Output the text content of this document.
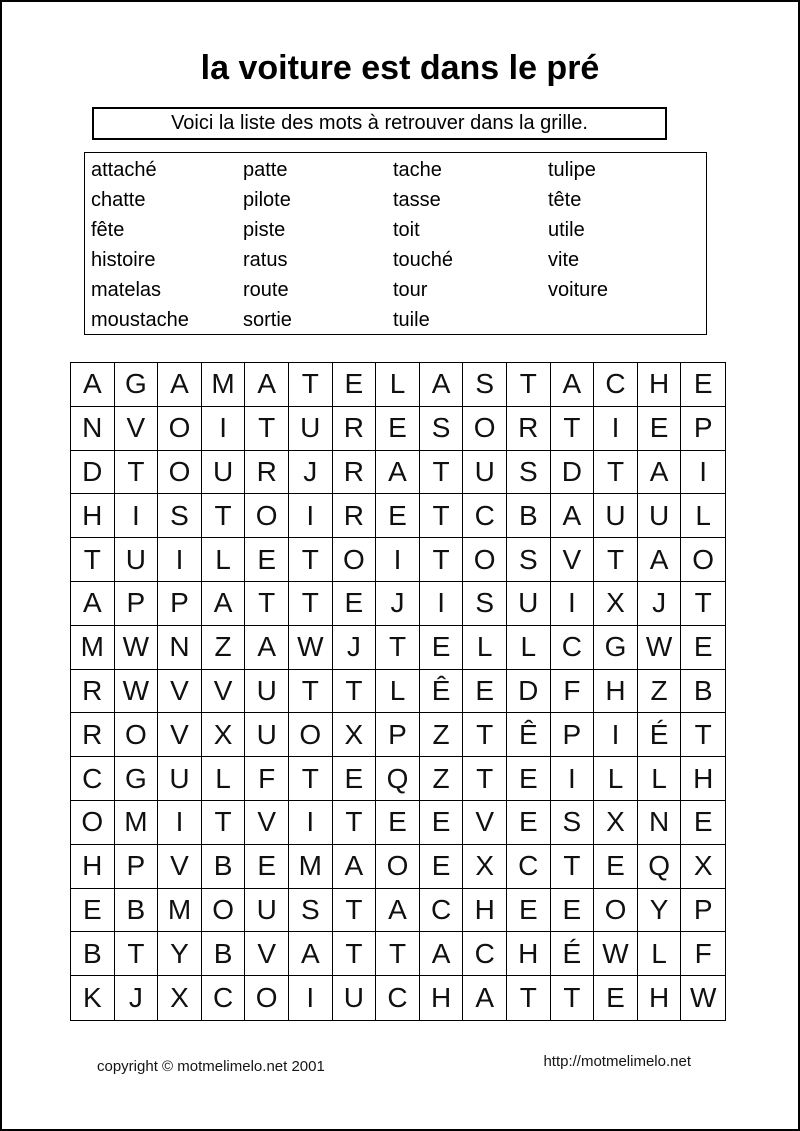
la voiture est dans le pré
Voici la liste des mots à retrouver dans la grille.
attaché	patte	tache	tulipe
chatte	pilote	tasse	tête
fête	piste	toit	utile
histoire	ratus	touché	vite
matelas	route	tour	voiture
moustache	sortie	tuile
A G A M A T E L A S T A C H E
N V O	I	T U R E S O R T	I	E P
D T O U R J R A T U S D T A	I
H	I	S T O	I	R E T C B A U U L
T U	I	L E T O	I	T O S V T A O
A P P A T T E J	I	S U	I	X J	T
M W N Z A W J	T E L	L C G W E
R W V V U T T L Ê E D F H Z B
R O V X U O X P Z T Ê P	I	É T
C G U L F T E Q Z T E	I	L	L H
O M	I	T V	I	T E E V E S X N E
H P V B E M A O E X C T E Q X
E B M O U S T A C H E E O Y P
B T Y B V A T T A C H É W L F
K J X C O	I	U C H A T T E H W
copyright © motmelimelo.net 2001	http://motmelimelo.net
